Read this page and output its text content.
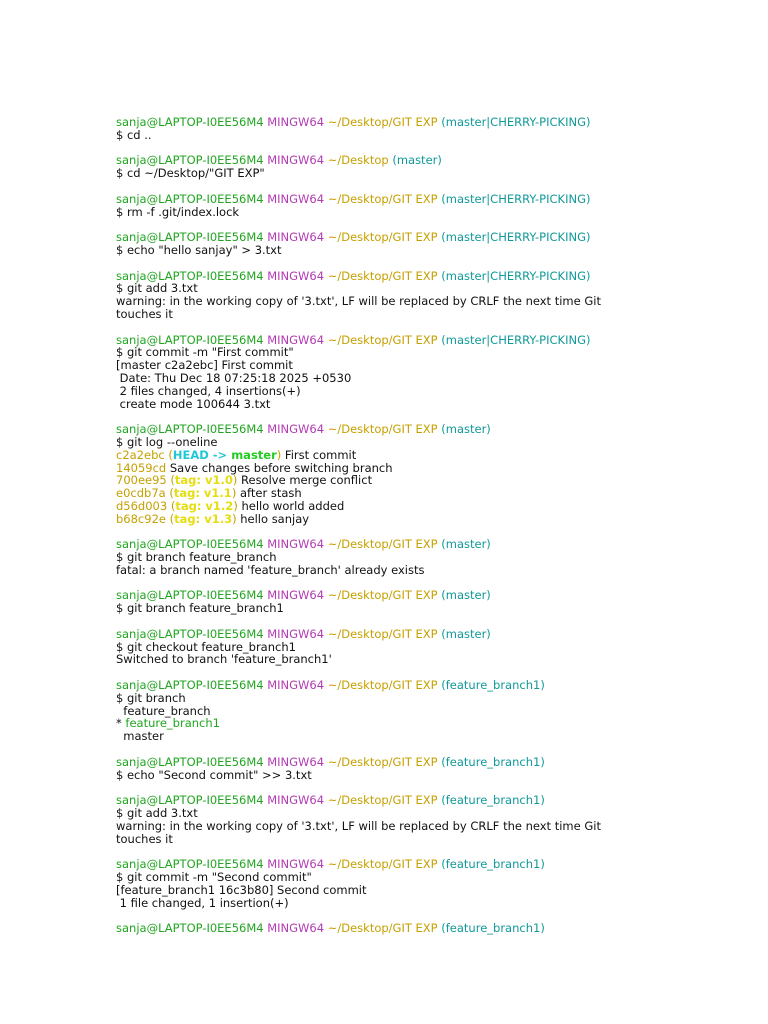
sanja@LAPTOP-I0EE56M4 MINGW64 ~/Desktop/GIT EXP (master|CHERRY-PICKING)
$ cd ..
sanja@LAPTOP-I0EE56M4 MINGW64 ~/Desktop (master)
$ cd ~/Desktop/"GIT EXP"
sanja@LAPTOP-I0EE56M4 MINGW64 ~/Desktop/GIT EXP (master|CHERRY-PICKING)
$ rm -f .git/index.lock
sanja@LAPTOP-I0EE56M4 MINGW64 ~/Desktop/GIT EXP (master|CHERRY-PICKING)
$ echo "hello sanjay" > 3.txt
sanja@LAPTOP-I0EE56M4 MINGW64 ~/Desktop/GIT EXP (master|CHERRY-PICKING)
$ git add 3.txt
warning: in the working copy of '3.txt', LF will be replaced by CRLF the next time Git
touches it
sanja@LAPTOP-I0EE56M4 MINGW64 ~/Desktop/GIT EXP (master|CHERRY-PICKING)
$ git commit -m "First commit"
[master c2a2ebc] First commit
Date: Thu Dec 18 07:25:18 2025 +0530
2 files changed, 4 insertions(+)
create mode 100644 3.txt
sanja@LAPTOP-I0EE56M4 MINGW64 ~/Desktop/GIT EXP (master)
$ git log --oneline
c2a2ebc (HEAD -> master) First commit
14059cd Save changes before switching branch
700ee95 (tag: v1.0) Resolve merge conflict
e0cdb7a (tag: v1.1) after stash
d56d003 (tag: v1.2) hello world added
b68c92e (tag: v1.3) hello sanjay
sanja@LAPTOP-I0EE56M4 MINGW64 ~/Desktop/GIT EXP (master)
$ git branch feature_branch
fatal: a branch named 'feature_branch' already exists
sanja@LAPTOP-I0EE56M4 MINGW64 ~/Desktop/GIT EXP (master)
$ git branch feature_branch1
sanja@LAPTOP-I0EE56M4 MINGW64 ~/Desktop/GIT EXP (master)
$ git checkout feature_branch1
Switched to branch 'feature_branch1'
sanja@LAPTOP-I0EE56M4 MINGW64 ~/Desktop/GIT EXP (feature_branch1)
$ git branch
feature_branch
* feature_branch1
master
sanja@LAPTOP-I0EE56M4 MINGW64 ~/Desktop/GIT EXP (feature_branch1)
$ echo "Second commit" >> 3.txt
sanja@LAPTOP-I0EE56M4 MINGW64 ~/Desktop/GIT EXP (feature_branch1)
$ git add 3.txt
warning: in the working copy of '3.txt', LF will be replaced by CRLF the next time Git
touches it
sanja@LAPTOP-I0EE56M4 MINGW64 ~/Desktop/GIT EXP (feature_branch1)
$ git commit -m "Second commit"
[feature_branch1 16c3b80] Second commit
1 file changed, 1 insertion(+)
sanja@LAPTOP-I0EE56M4 MINGW64 ~/Desktop/GIT EXP (feature_branch1)
